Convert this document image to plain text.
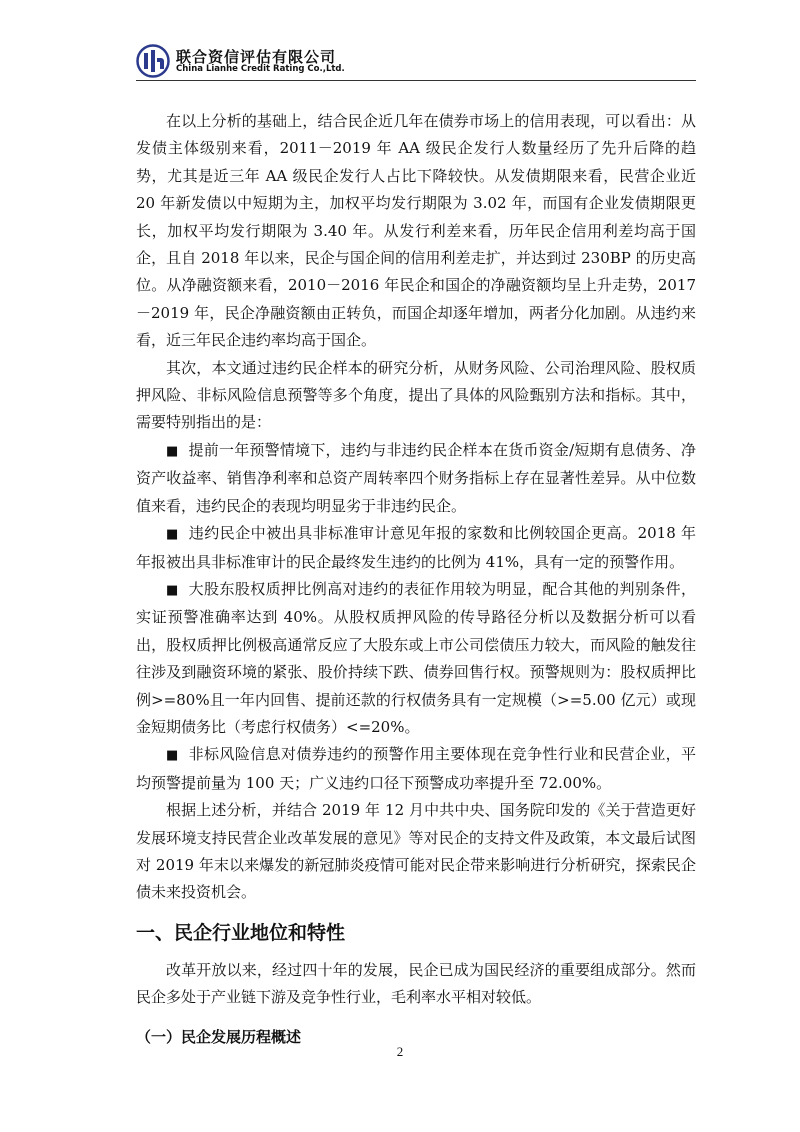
联合资信评估有限公司
China Lianhe Credit Rating Co.,Ltd.

在以上分析的基础上，结合民企近几年在债券市场上的信用表现，可以看出：从发债主体级别来看，2011－2019 年 AA 级民企发行人数量经历了先升后降的趋势，尤其是近三年 AA 级民企发行人占比下降较快。从发债期限来看，民营企业近 20 年新发债以中短期为主，加权平均发行期限为 3.02 年，而国有企业发债期限更长，加权平均发行期限为 3.40 年。从发行利差来看，历年民企信用利差均高于国企，且自 2018 年以来，民企与国企间的信用利差走扩，并达到过 230BP 的历史高位。从净融资额来看，2010－2016 年民企和国企的净融资额均呈上升走势，2017－2019 年，民企净融资额由正转负，而国企却逐年增加，两者分化加剧。从违约来看，近三年民企违约率均高于国企。

其次，本文通过违约民企样本的研究分析，从财务风险、公司治理风险、股权质押风险、非标风险信息预警等多个角度，提出了具体的风险甄别方法和指标。其中，需要特别指出的是：

■ 提前一年预警情境下，违约与非违约民企样本在货币资金/短期有息债务、净资产收益率、销售净利率和总资产周转率四个财务指标上存在显著性差异。从中位数值来看，违约民企的表现均明显劣于非违约民企。

■ 违约民企中被出具非标准审计意见年报的家数和比例较国企更高。2018 年年报被出具非标准审计的民企最终发生违约的比例为 41%，具有一定的预警作用。

■ 大股东股权质押比例高对违约的表征作用较为明显，配合其他的判别条件，实证预警准确率达到 40%。从股权质押风险的传导路径分析以及数据分析可以看出，股权质押比例极高通常反应了大股东或上市公司偿债压力较大，而风险的触发往往涉及到融资环境的紧张、股价持续下跌、债券回售行权。预警规则为：股权质押比例>=80%且一年内回售、提前还款的行权债务具有一定规模（>=5.00 亿元）或现金短期债务比（考虑行权债务）<=20%。

■ 非标风险信息对债券违约的预警作用主要体现在竞争性行业和民营企业，平均预警提前量为 100 天；广义违约口径下预警成功率提升至 72.00%。

根据上述分析，并结合 2019 年 12 月中共中央、国务院印发的《关于营造更好发展环境支持民营企业改革发展的意见》等对民企的支持文件及政策，本文最后试图对 2019 年末以来爆发的新冠肺炎疫情可能对民企带来影响进行分析研究，探索民企债未来投资机会。

一、民企行业地位和特性

改革开放以来，经过四十年的发展，民企已成为国民经济的重要组成部分。然而民企多处于产业链下游及竞争性行业，毛利率水平相对较低。

（一）民企发展历程概述
2
